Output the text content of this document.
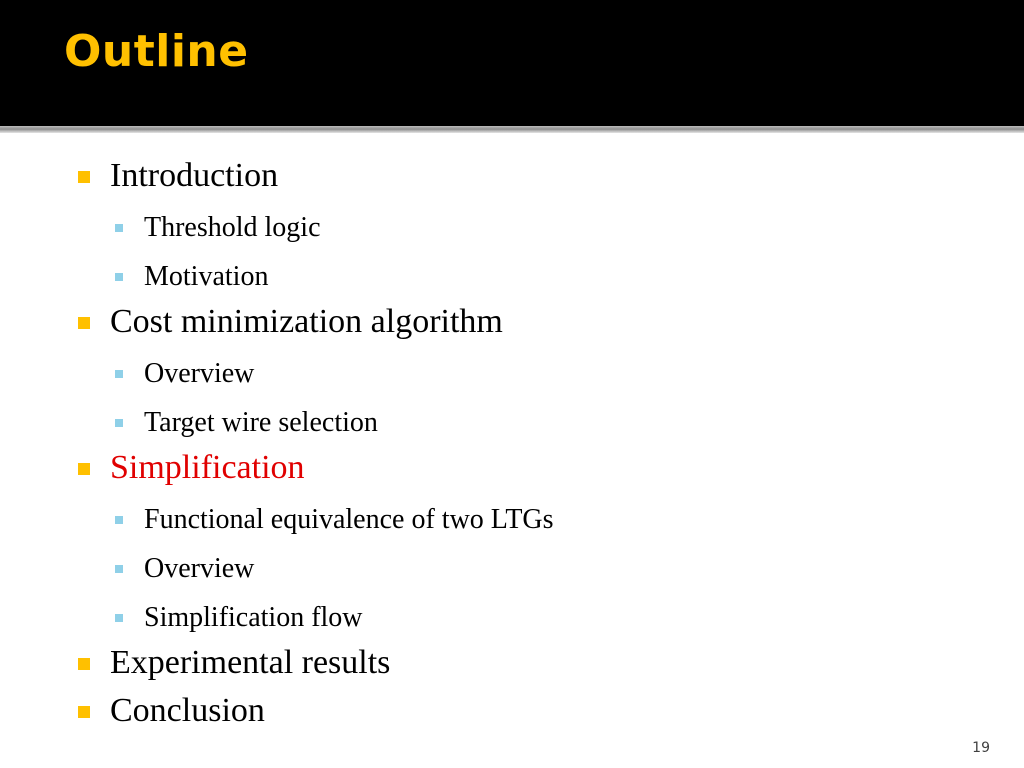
Outline
Introduction
Threshold logic
Motivation
Cost minimization algorithm
Overview
Target wire selection
Simplification
Functional equivalence of two LTGs
Overview
Simplification flow
Experimental results
Conclusion
19
